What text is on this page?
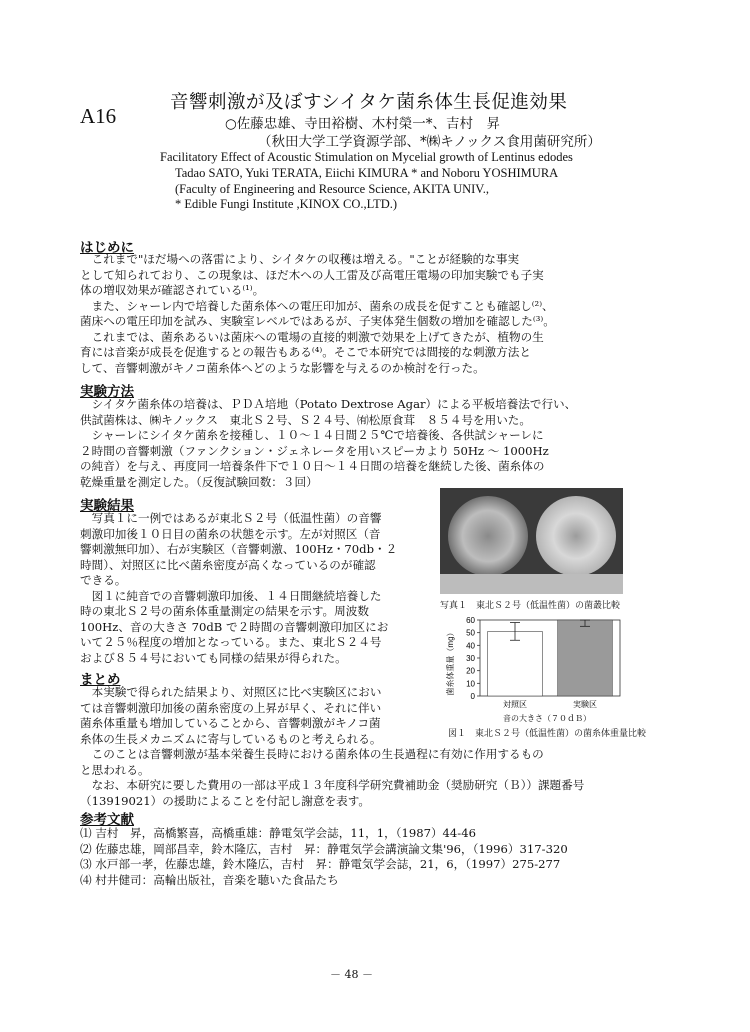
A16
音響刺激が及ぼすシイタケ菌糸体生長促進効果
○佐藤忠雄、寺田裕樹、木村榮一*、吉村　昇
（秋田大学工学資源学部、*㈱キノックス食用菌研究所）
Facilitatory Effect of Acoustic Stimulation on Mycelial growth of Lentinus edodes
Tadao SATO, Yuki TERATA, Eiichi KIMURA * and Noboru YOSHIMURA
(Faculty of Engineering and Resource Science, AKITA UNIV.,
* Edible Fungi Institute ,KINOX CO.,LTD.)
はじめに
　これまで"ほだ場への落雷により、シイタケの収穫は増える。"ことが経験的な事実
として知られており、この現象は、ほだ木への人工雷及び高電圧電場の印加実験でも子実
体の増収効果が確認されている⁽¹⁾。
　また、シャーレ内で培養した菌糸体への電圧印加が、菌糸の成長を促すことも確認し⁽²⁾、
菌床への電圧印加を試み、実験室レベルではあるが、子実体発生個数の増加を確認した⁽³⁾。
　これまでは、菌糸あるいは菌床への電場の直接的刺激で効果を上げてきたが、植物の生
育には音楽が成長を促進するとの報告もある⁽⁴⁾。そこで本研究では間接的な刺激方法と
して、音響刺激がキノコ菌糸体へどのような影響を与えるのか検討を行った。
実験方法
　シイタケ菌糸体の培養は、ＰＤＡ培地（Potato Dextrose Agar）による平板培養法で行い、
供試菌株は、㈱キノックス　東北Ｓ２号、Ｓ２４号、㈲松原食茸　８５４号を用いた。
　シャーレにシイタケ菌糸を接種し、１０～１４日間２５℃で培養後、各供試シャーレに
２時間の音響刺激（ファンクション・ジェネレータを用いスピーカより 50Hz ～ 1000Hz
の純音）を与え、再度同一培養条件下で１０日～１４日間の培養を継続した後、菌糸体の
乾燥重量を測定した。（反復試験回数：３回）
実験結果
　写真１に一例ではあるが東北Ｓ２号（低温性菌）の音響
刺激印加後１０日目の菌糸の状態を示す。左が対照区（音
響刺激無印加）、右が実験区（音響刺激、100Hz・70db・２
時間）、対照区に比べ菌糸密度が高くなっているのが確認
できる。
　図１に純音での音響刺激印加後、１４日間継続培養した
時の東北Ｓ２号の菌糸体重量測定の結果を示す。周波数
100Hz、音の大きさ 70dB で２時間の音響刺激印加区にお
いて２５％程度の増加となっている。また、東北Ｓ２４号
および８５４号においても同様の結果が得られた。
まとめ
　本実験で得られた結果より、対照区に比べ実験区におい
ては音響刺激印加後の菌糸密度の上昇が早く、それに伴い
菌糸体重量も増加していることから、音響刺激がキノコ菌
糸体の生長メカニズムに寄与しているものと考えられる。
　このことは音響刺激が基本栄養生長時における菌糸体の生長過程に有効に作用するもの
と思われる。
　なお、本研究に要した費用の一部は平成１３年度科学研究費補助金（奨励研究（Ｂ））課題番号
（13919021）の援助によることを付記し謝意を表す。
参考文献
⑴ 吉村　昇，高橋繁喜，高橋重雄：静電気学会誌，11，1，（1987）44-46
⑵ 佐藤忠雄，岡部昌幸，鈴木隆広，吉村　昇：静電気学会講演論文集'96，（1996）317-320
⑶ 水戸部一孝，佐藤忠雄，鈴木隆広，吉村　昇：静電気学会誌，21，6，（1997）275-277
⑷ 村井健司：高輪出版社，音楽を聴いた食品たち
写真１　東北Ｓ２号（低温性菌）の菌叢比較
菌糸体重量（mg）
0
10
20
30
40
50
60
対照区	実験区
音の大きさ（７０ｄＢ）
図１　東北Ｓ２号（低温性菌）の菌糸体重量比較
－ 48 －
